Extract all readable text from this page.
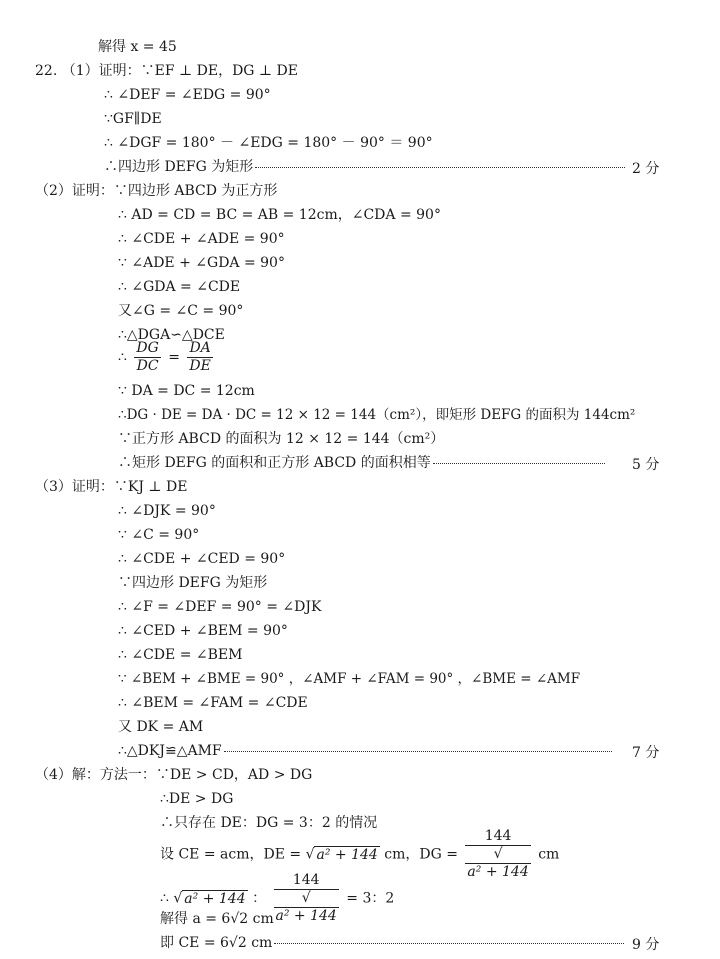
解得 x = 45
22. （1）证明：∵EF ⊥ DE，DG ⊥ DE
∴ ∠DEF = ∠EDG = 90°
∵GF∥DE
∴ ∠DGF = 180° － ∠EDG = 180° － 90° ＝ 90°
∴四边形 DEFG 为矩形	2 分
（2）证明：∵四边形 ABCD 为正方形
∴ AD = CD = BC = AB = 12cm，∠CDA = 90°
∴ ∠CDE + ∠ADE = 90°
∵ ∠ADE + ∠GDA = 90°
∴ ∠GDA = ∠CDE
又∠G = ∠C = 90°
∴△DGA∽△DCE
∴ $\frac{DG}{DC} = \frac{DA}{DE}$
∵ DA = DC = 12cm
∴DG · DE = DA · DC = 12 × 12 = 144（cm²），即矩形 DEFG 的面积为 144cm²
∵正方形 ABCD 的面积为 12 × 12 = 144（cm²）
∴矩形 DEFG 的面积和正方形 ABCD 的面积相等	5 分
（3）证明：∵KJ ⊥ DE
∴ ∠DJK = 90°
∵ ∠C = 90°
∴ ∠CDE + ∠CED = 90°
∵四边形 DEFG 为矩形
∴ ∠F = ∠DEF = 90° = ∠DJK
∴ ∠CED + ∠BEM = 90°
∴ ∠CDE = ∠BEM
∵ ∠BEM + ∠BME = 90° ，∠AMF + ∠FAM = 90° ，∠BME = ∠AMF
∴ ∠BEM = ∠FAM = ∠CDE
又 DK = AM
∴△DKJ≌△AMF	7 分
（4）解：方法一：∵DE > CD，AD > DG
∴DE > DG
∴只存在 DE：DG = 3：2 的情况
设 CE = acm，DE = √ a² + 144 cm，DG = 144
√
a² + 144 cm
∴ √ a² + 144 ： 144
√
a² + 144 = 3：2
解得 a = 6√2 cm
即 CE = 6√2 cm	9 分
